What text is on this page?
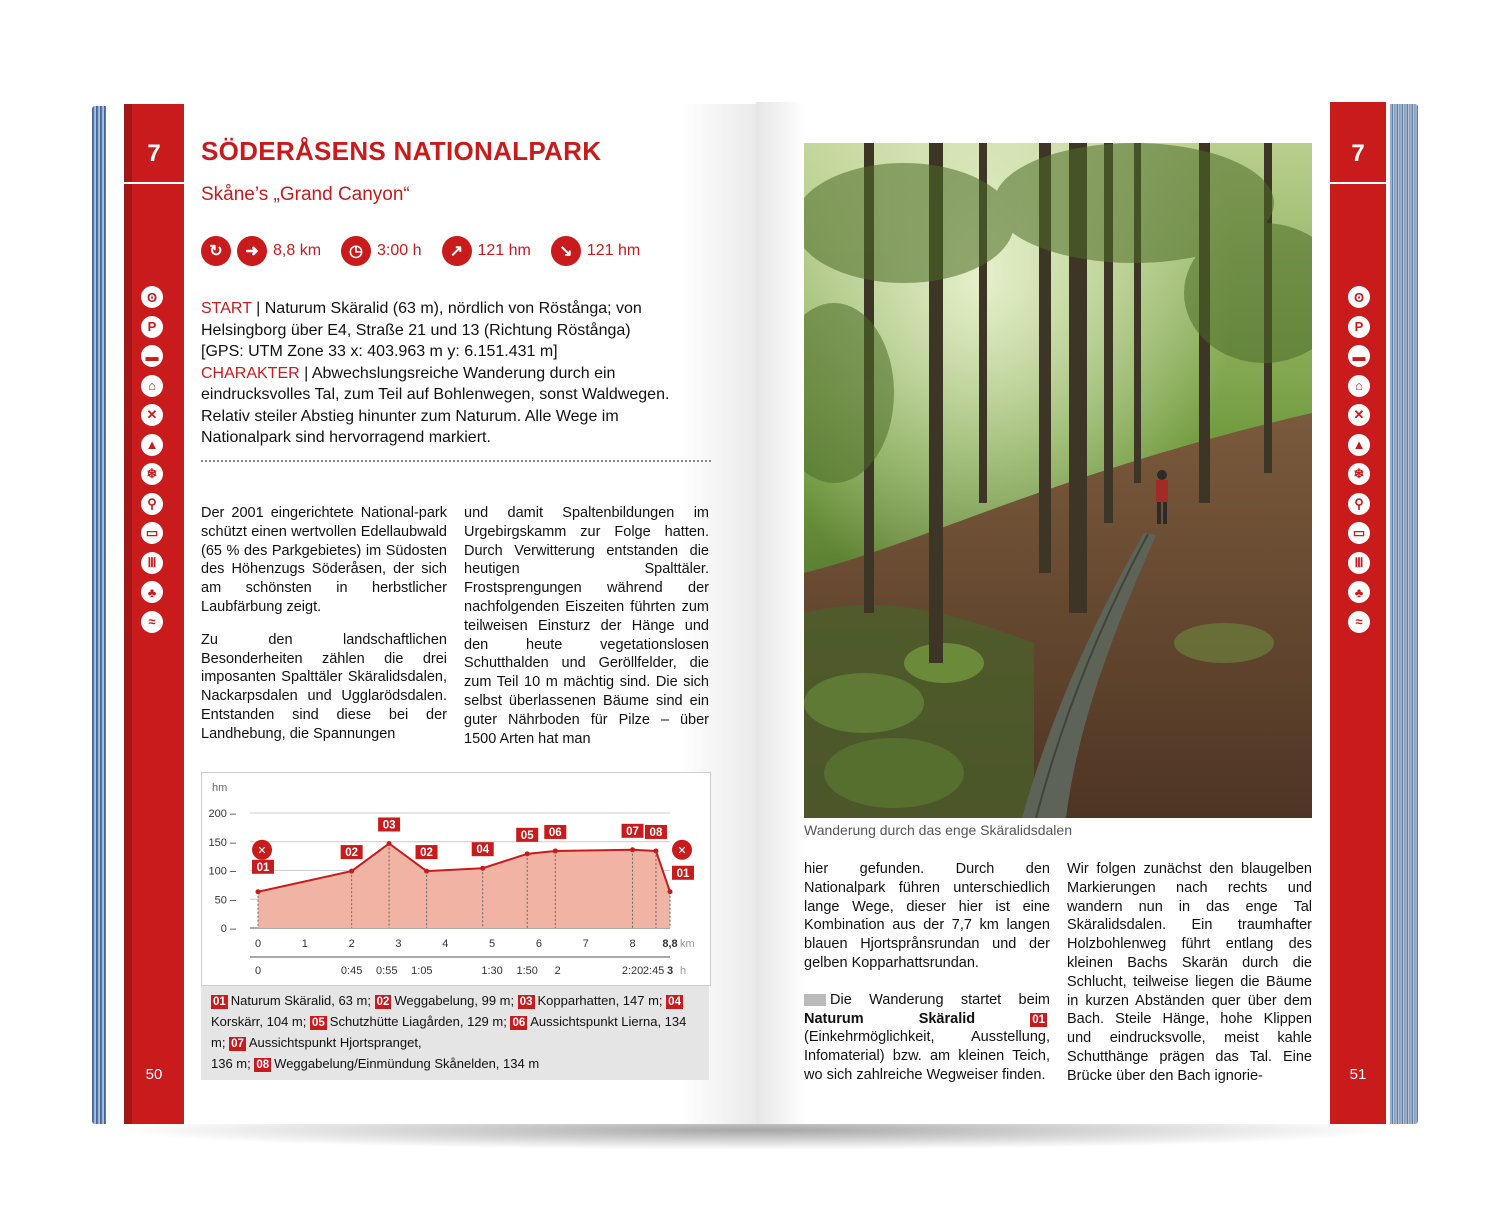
7
ʘ
P
▬
⌂
✕
▲
❄
⚲
▭
Ⅲ
♣
≈
50
SÖDERÅSENS NATIONALPARK
Skåne’s „Grand Canyon“
↻	➜ 8,8 km	◷ 3:00 h	↗ 121 hm	↘ 121 hm
START | Naturum Skäralid (63 m), nördlich von Röstånga; von Helsingborg über E4, Straße 21 und 13 (Richtung Röstånga)
[GPS: UTM Zone 33 x: 403.963 m y: 6.151.431 m]
CHARAKTER | Abwechslungsreiche Wanderung durch ein eindrucksvolles Tal, zum Teil auf Bohlenwegen, sonst Waldwegen. Relativ steiler Abstieg hinunter zum Naturum. Alle Wege im Nationalpark sind hervorragend markiert.

Der 2001 eingerichtete National-park schützt einen wertvollen Edellaubwald (65 % des Parkgebietes) im Südosten des Höhenzugs Söderåsen, der sich am schönsten in herbstlicher Laubfärbung zeigt.

Zu den landschaftlichen Besonderheiten zählen die drei imposanten Spalttäler Skäralidsdalen, Nackarpsdalen und Ugglarödsdalen. Entstanden sind diese bei der Landhebung, die Spannungen

und damit Spaltenbildungen im Urgebirgskamm zur Folge hatten. Durch Verwitterung entstanden die heutigen Spalttäler. Frostsprengungen während der nachfolgenden Eiszeiten führten zum teilweisen Einsturz der Hänge und den heute vegetationslosen Schutthalden und Geröllfelder, die zum Teil 10 m mächtig sind. Die sich selbst überlassenen Bäume sind ein guter Nährboden für Pilze – über 1500 Arten hat man

hm
200 –
150 –
100 –
50 –
0 –
01
02
03
02	04
05 06	07 08
01
✕	✕
0	1	2	3	4	5	6	7	8 8,8 km
0	0:45 0:55 1:05	1:30 1:50 2	2:20 2:45 3 h
01 Naturum Skäralid, 63 m; 02 Weggabelung, 99 m; 03 Kopparhatten, 147 m; 04Korskärr, 104 m; 05 Schutzhütte Liagården, 129 m; 06 Aussichtspunkt Lierna, 134 m; 07 Aussichtspunkt Hjortspranget,
136 m; 08 Weggabelung/Einmündung Skånelden, 134 m
7
ʘ
P
▬
⌂
✕
▲
❄
⚲
▭
Ⅲ
♣
≈
51
Wanderung durch das enge Skäralidsdalen

hier gefunden. Durch den Nationalpark führen unterschiedlich lange Wege, dieser hier ist eine Kombination aus der 7,7 km langen blauen Hjortsprånsrundan und der gelben Kopparhattsrundan.

Die Wanderung startet beim Naturum Skäralid	01 (Einkehrmöglichkeit, Ausstellung, Infomaterial) bzw. am kleinen Teich, wo sich zahlreiche Wegweiser finden.

Wir folgen zunächst den blaugelben Markierungen nach rechts und wandern nun in das enge Tal Skäralidsdalen. Ein traumhafter Holzbohlenweg führt entlang des kleinen Bachs Skarän durch die Schlucht, teilweise liegen die Bäume in kurzen Abständen quer über dem Bach. Steile Hänge, hohe Klippen und eindrucksvolle, meist kahle Schutthänge prägen das Tal. Eine Brücke über den Bach ignorie-
